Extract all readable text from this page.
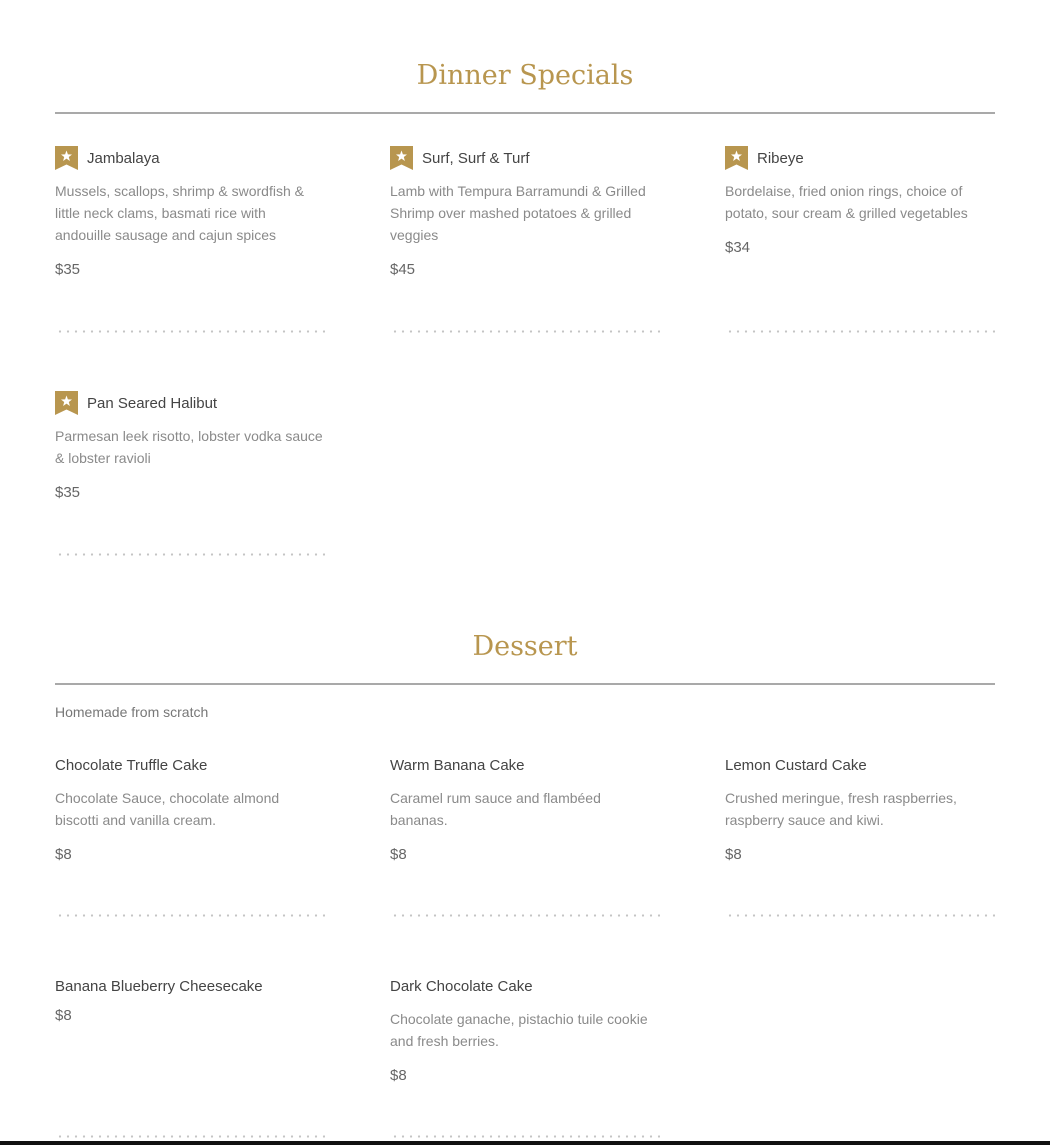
Dinner Specials
Jambalaya
Mussels, scallops, shrimp & swordfish & little neck clams, basmati rice with andouille sausage and cajun spices
$35
Surf, Surf & Turf
Lamb with Tempura Barramundi & Grilled Shrimp over mashed potatoes & grilled veggies
$45
Ribeye
Bordelaise, fried onion rings, choice of potato, sour cream & grilled vegetables
$34
Pan Seared Halibut
Parmesan leek risotto, lobster vodka sauce & lobster ravioli
$35
Dessert
Homemade from scratch
Chocolate Truffle Cake
Chocolate Sauce, chocolate almond biscotti and vanilla cream.
$8
Warm Banana Cake
Caramel rum sauce and flambéed bananas.
$8
Lemon Custard Cake
Crushed meringue, fresh raspberries, raspberry sauce and kiwi.
$8
Banana Blueberry Cheesecake
$8
Dark Chocolate Cake
Chocolate ganache, pistachio tuile cookie and fresh berries.
$8
